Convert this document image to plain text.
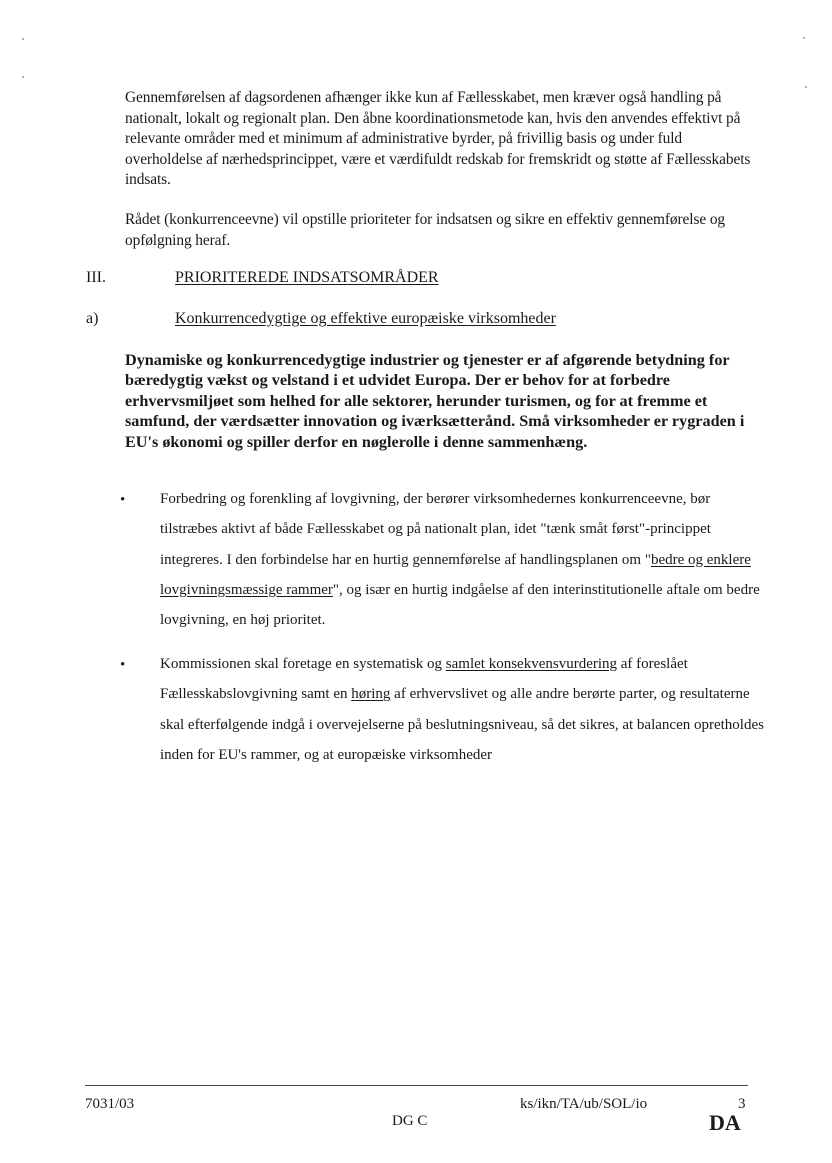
Gennemførelsen af dagsordenen afhænger ikke kun af Fællesskabet, men kræver også handling på nationalt, lokalt og regionalt plan. Den åbne koordinationsmetode kan, hvis den anvendes effektivt på relevante områder med et minimum af administrative byrder, på frivillig basis og under fuld overholdelse af nærhedsprincippet, være et værdifuldt redskab for fremskridt og støtte af Fællesskabets indsats.
Rådet (konkurrenceevne) vil opstille prioriteter for indsatsen og sikre en effektiv gennemførelse og opfølgning heraf.
III.	PRIORITEREDE INDSATSOMRÅDER
a)	Konkurrencedygtige og effektive europæiske virksomheder
Dynamiske og konkurrencedygtige industrier og tjenester er af afgørende betydning for bæredygtig vækst og velstand i et udvidet Europa. Der er behov for at forbedre erhvervsmiljøet som helhed for alle sektorer, herunder turismen, og for at fremme et samfund, der værdsætter innovation og iværksætterånd. Små virksomheder er rygraden i EU's økonomi og spiller derfor en nøglerolle i denne sammenhæng.
• Forbedring og forenkling af lovgivning, der berører virksomhedernes konkurrenceevne, bør tilstræbes aktivt af både Fællesskabet og på nationalt plan, idet "tænk småt først"-princippet integreres. I den forbindelse har en hurtig gennemførelse af handlingsplanen om "bedre og enklere lovgivningsmæssige rammer", og især en hurtig indgåelse af den interinstitutionelle aftale om bedre lovgivning, en høj prioritet.
• Kommissionen skal foretage en systematisk og samlet konsekvensvurdering af foreslået Fællesskabslovgivning samt en høring af erhvervslivet og alle andre berørte parter, og resultaterne skal efterfølgende indgå i overvejelserne på beslutningsniveau, så det sikres, at balancen opretholdes inden for EU's rammer, og at europæiske virksomheder
7031/03	ks/ikn/TA/ub/SOL/io	3
DG C	DA
